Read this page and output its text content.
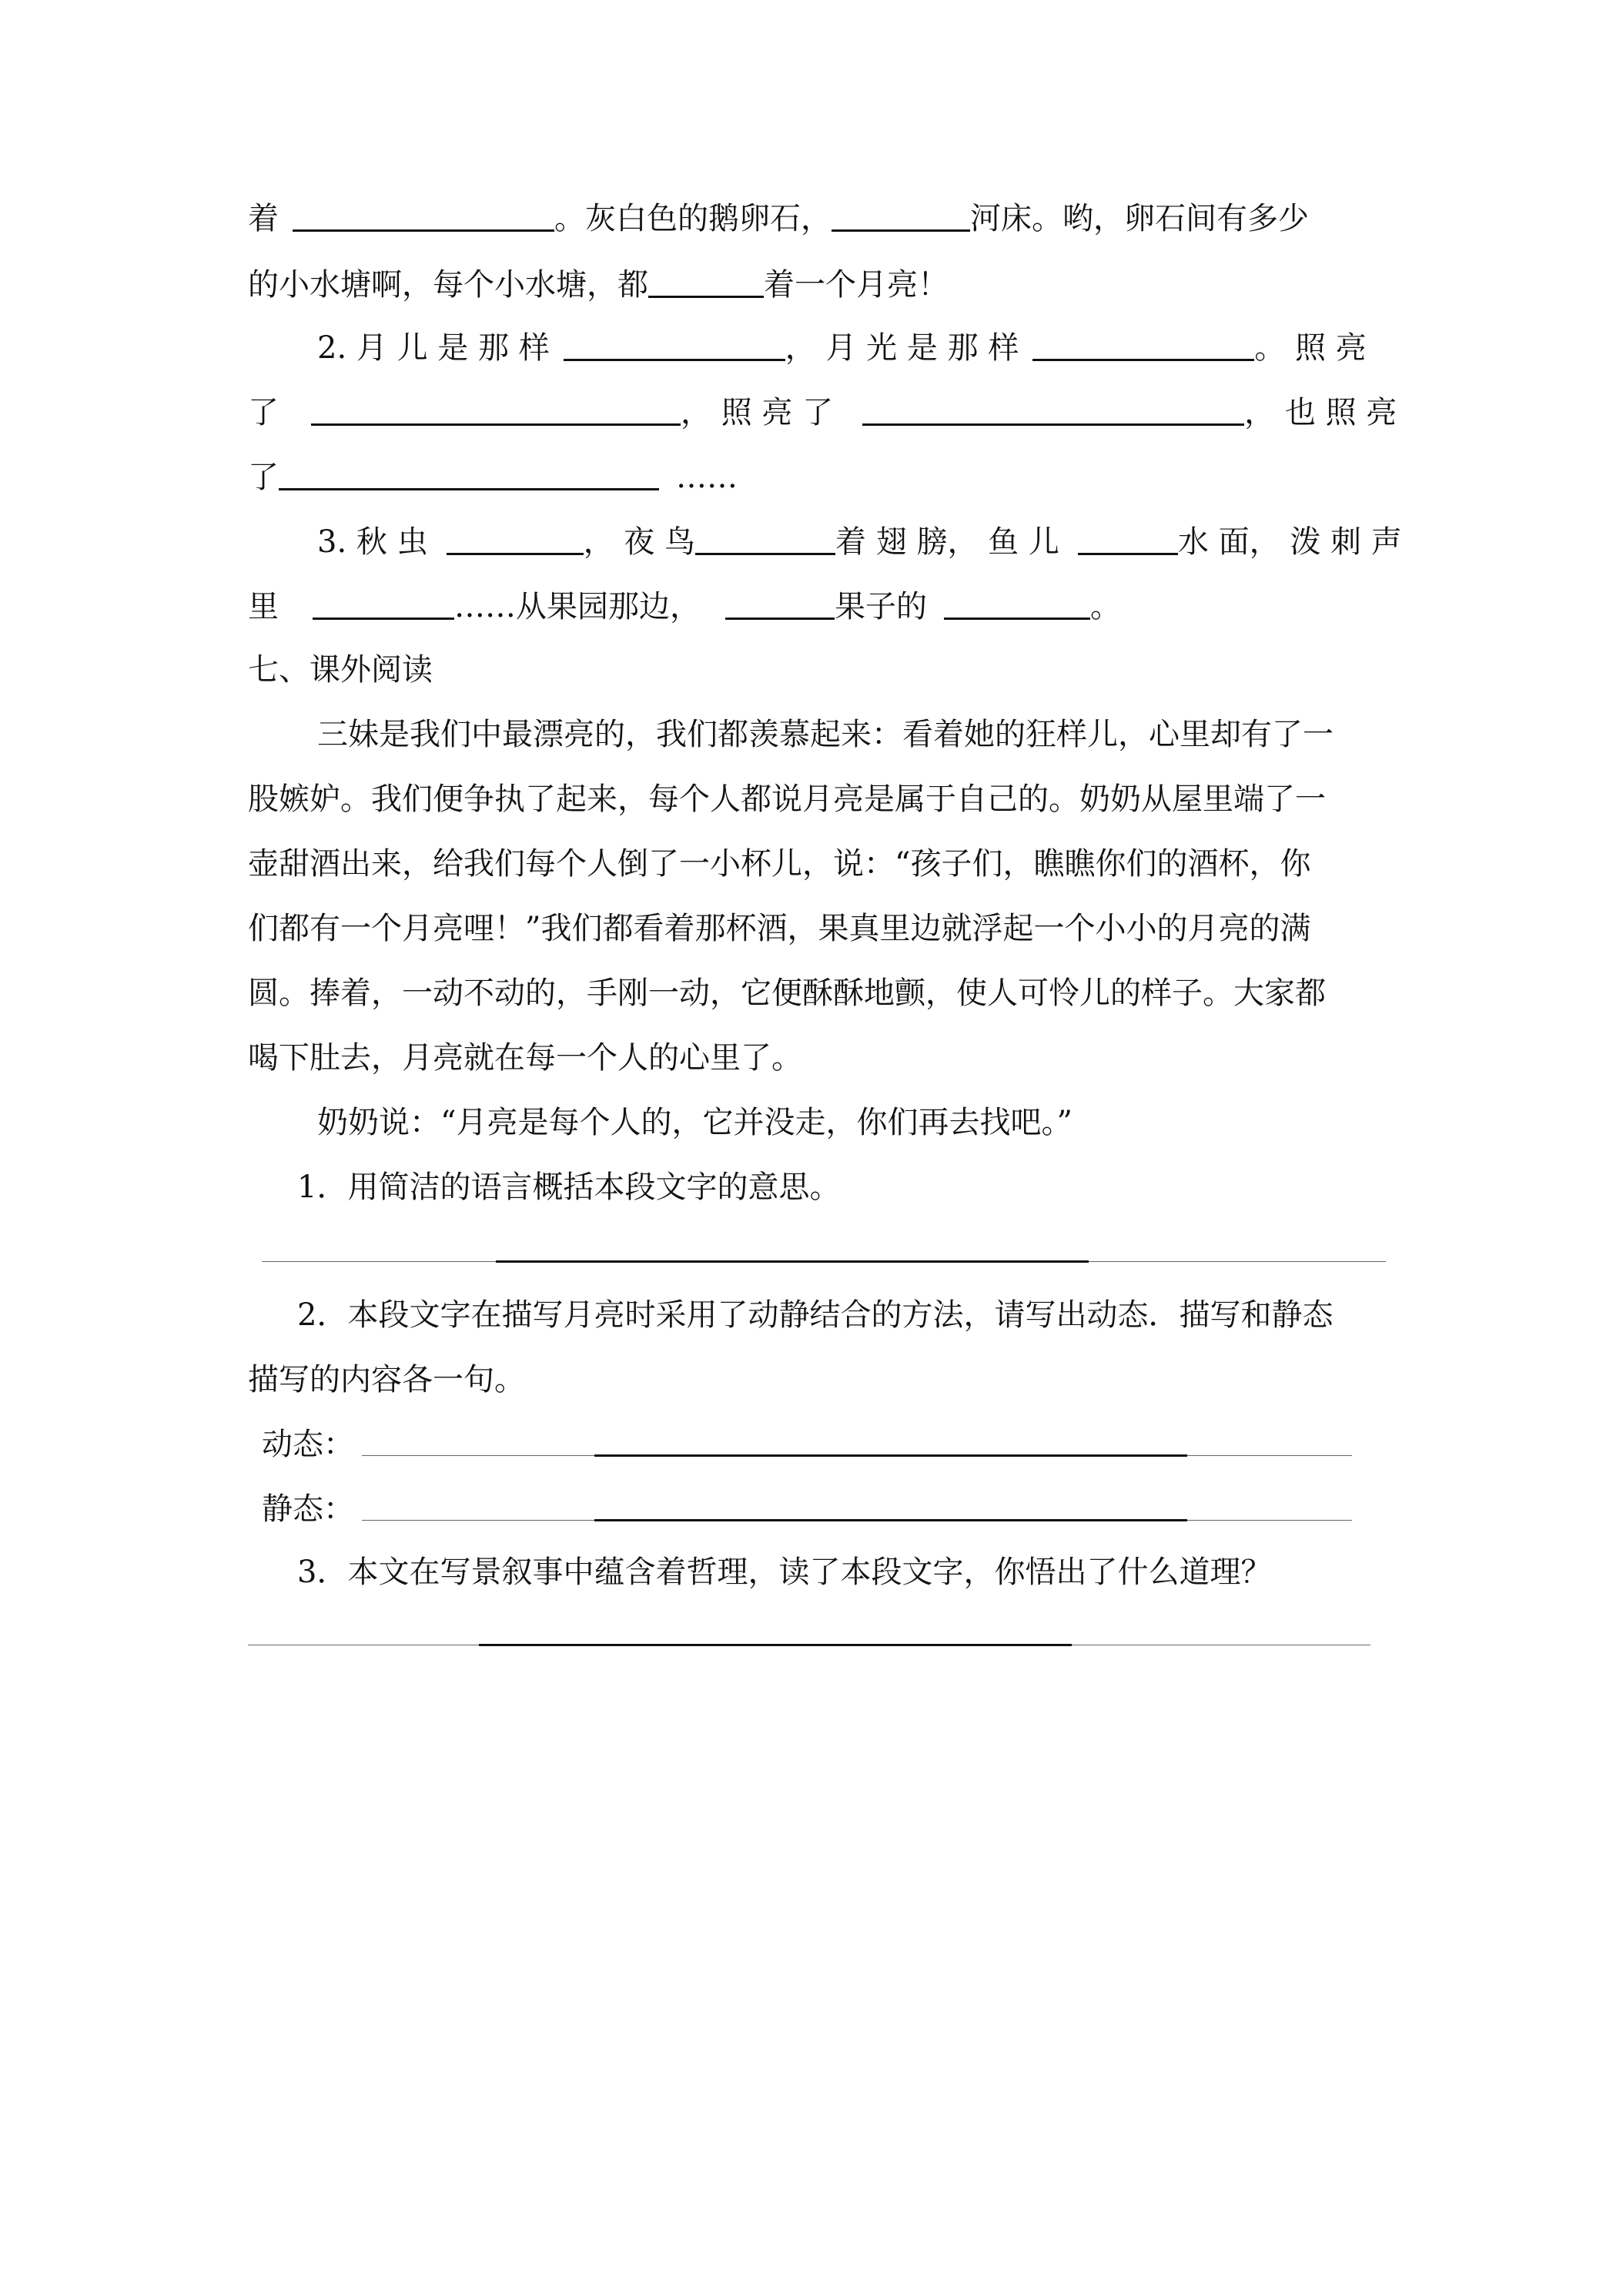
着	。灰白色的鹅卵石，	河床。哟，卵石间有多少
的小水塘啊，每个小水塘，都	着一个月亮！
2. 月 儿 是 那 样	， 月 光 是 那 样	。 照 亮
了	， 照 亮 了	， 也 照 亮
了	……
3. 秋 虫	， 夜 鸟	着 翅 膀， 鱼 儿	水 面， 泼 刺 声
里	……从果园那边，	果子的	。
七、课外阅读
三妹是我们中最漂亮的，我们都羡慕起来：看着她的狂样儿，心里却有了一
股嫉妒。我们便争执了起来，每个人都说月亮是属于自己的。奶奶从屋里端了一
壶甜酒出来，给我们每个人倒了一小杯儿，说：“孩子们，瞧瞧你们的酒杯，你
们都有一个月亮哩！”我们都看着那杯酒，果真里边就浮起一个小小的月亮的满
圆。捧着，一动不动的，手刚一动，它便酥酥地颤，使人可怜儿的样子。大家都
喝下肚去，月亮就在每一个人的心里了。
奶奶说：“月亮是每个人的，它并没走，你们再去找吧。”
1．用简洁的语言概括本段文字的意思。
2．本段文字在描写月亮时采用了动静结合的方法，请写出动态．描写和静态
描写的内容各一句。
动态：
静态：
3．本文在写景叙事中蕴含着哲理，读了本段文字，你悟出了什么道理？
